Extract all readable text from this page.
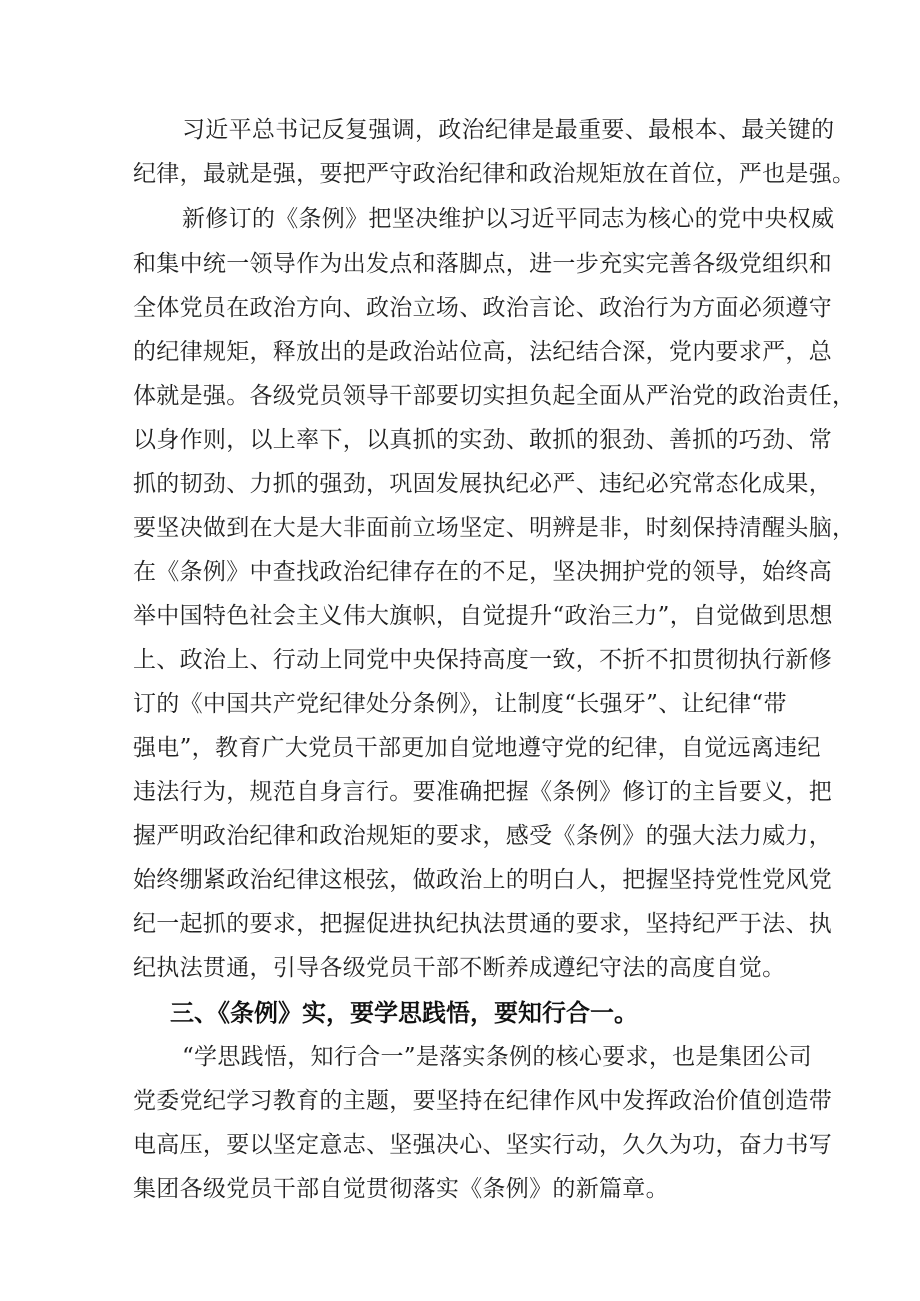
习近平总书记反复强调，政治纪律是最重要、最根本、最关键的
纪律，最就是强，要把严守政治纪律和政治规矩放在首位，严也是强。
新修订的《条例》把坚决维护以习近平同志为核心的党中央权威
和集中统一领导作为出发点和落脚点，进一步充实完善各级党组织和
全体党员在政治方向、政治立场、政治言论、政治行为方面必须遵守
的纪律规矩，释放出的是政治站位高，法纪结合深，党内要求严，总
体就是强。各级党员领导干部要切实担负起全面从严治党的政治责任，
以身作则，以上率下，以真抓的实劲、敢抓的狠劲、善抓的巧劲、常
抓的韧劲、力抓的强劲，巩固发展执纪必严、违纪必究常态化成果，
要坚决做到在大是大非面前立场坚定、明辨是非，时刻保持清醒头脑，
在《条例》中查找政治纪律存在的不足，坚决拥护党的领导，始终高
举中国特色社会主义伟大旗帜，自觉提升“政治三力”，自觉做到思想
上、政治上、行动上同党中央保持高度一致，不折不扣贯彻执行新修
订的《中国共产党纪律处分条例》，让制度“长强牙”、让纪律“带
强电”，教育广大党员干部更加自觉地遵守党的纪律，自觉远离违纪
违法行为，规范自身言行。要准确把握《条例》修订的主旨要义，把
握严明政治纪律和政治规矩的要求，感受《条例》的强大法力威力，
始终绷紧政治纪律这根弦，做政治上的明白人，把握坚持党性党风党
纪一起抓的要求，把握促进执纪执法贯通的要求，坚持纪严于法、执
纪执法贯通，引导各级党员干部不断养成遵纪守法的高度自觉。
三、《条例》实，要学思践悟，要知行合一。
“学思践悟，知行合一”是落实条例的核心要求，也是集团公司
党委党纪学习教育的主题，要坚持在纪律作风中发挥政治价值创造带
电高压，要以坚定意志、坚强决心、坚实行动，久久为功，奋力书写
集团各级党员干部自觉贯彻落实《条例》的新篇章。
